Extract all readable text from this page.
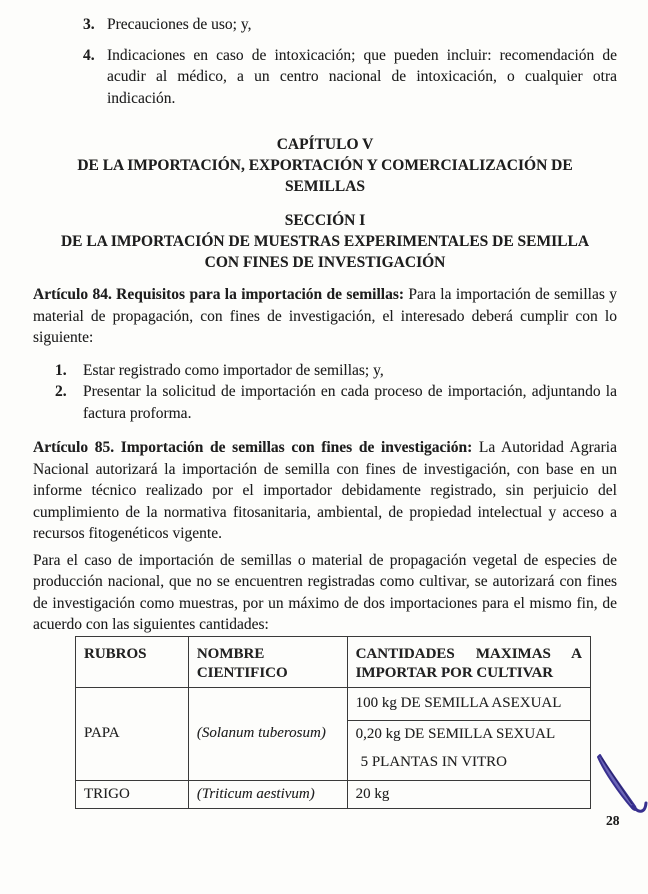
3. Precauciones de uso; y,
4. Indicaciones en caso de intoxicación; que pueden incluir: recomendación de acudir al médico, a un centro nacional de intoxicación, o cualquier otra indicación.
CAPÍTULO V
DE LA IMPORTACIÓN, EXPORTACIÓN Y COMERCIALIZACIÓN DE SEMILLAS
SECCIÓN I
DE LA IMPORTACIÓN DE MUESTRAS EXPERIMENTALES DE SEMILLA CON FINES DE INVESTIGACIÓN

Artículo 84. Requisitos para la importación de semillas: Para la importación de semillas y material de propagación, con fines de investigación, el interesado deberá cumplir con lo siguiente:

1.	Estar registrado como importador de semillas; y,
2.	Presentar la solicitud de importación en cada proceso de importación, adjuntando la factura proforma.

Artículo 85. Importación de semillas con fines de investigación: La Autoridad Agraria Nacional autorizará la importación de semilla con fines de investigación, con base en un informe técnico realizado por el importador debidamente registrado, sin perjuicio del cumplimiento de la normativa fitosanitaria, ambiental, de propiedad intelectual y acceso a recursos fitogenéticos vigente.

Para el caso de importación de semillas o material de propagación vegetal de especies de producción nacional, que no se encuentren registradas como cultivar, se autorizará con fines de investigación como muestras, por un máximo de dos importaciones para el mismo fin, de acuerdo con las siguientes cantidades:

RUBROS	NOMBRE CIENTIFICO	CANTIDADES MAXIMAS A
IMPORTAR POR CULTIVAR

PAPA	(Solanum tuberosum)	100 kg DE SEMILLA ASEXUAL

		0,20 kg DE SEMILLA SEXUAL
5 PLANTAS IN VITRO

TRIGO	(Triticum aestivum)	20 kg
28
